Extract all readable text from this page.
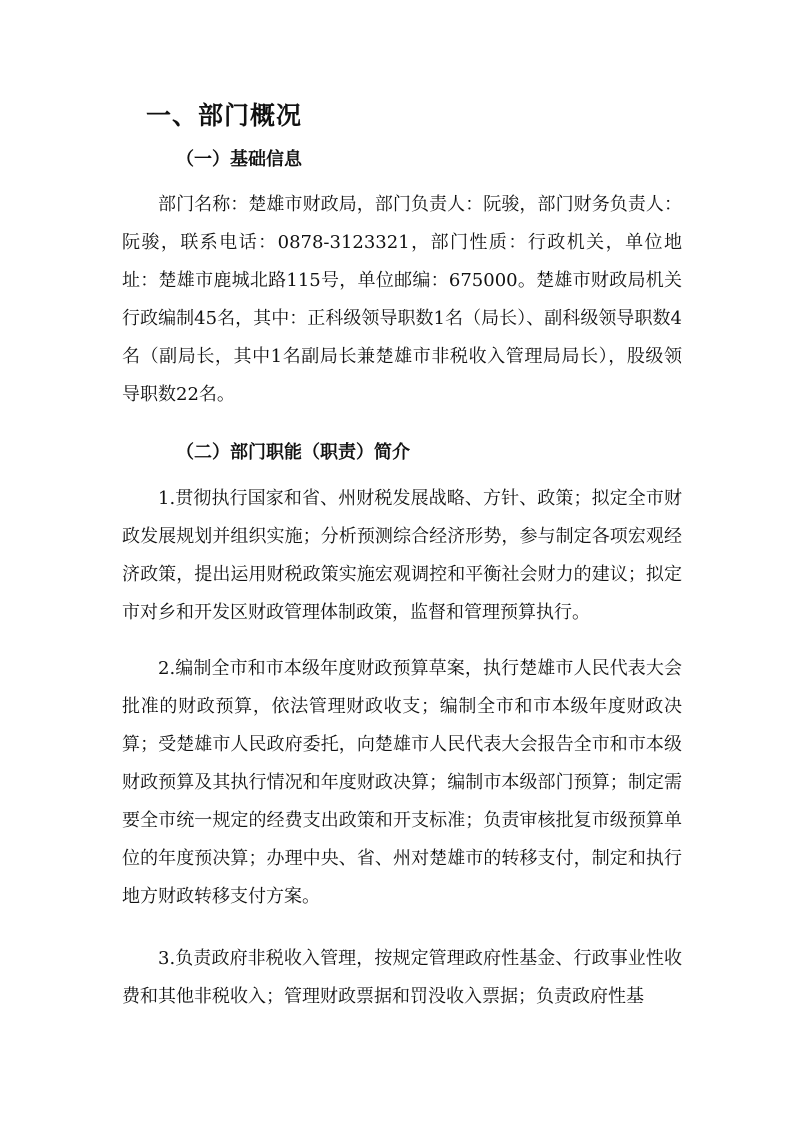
一、部门概况
（一）基础信息
部门名称：楚雄市财政局，部门负责人：阮骏，部门财务负责人：阮骏，联系电话：0878-3123321，部门性质：行政机关，单位地址：楚雄市鹿城北路115号，单位邮编：675000。楚雄市财政局机关行政编制45名，其中：正科级领导职数1名（局长）、副科级领导职数4名（副局长，其中1名副局长兼楚雄市非税收入管理局局长），股级领导职数22名。
（二）部门职能（职责）简介
1.贯彻执行国家和省、州财税发展战略、方针、政策；拟定全市财政发展规划并组织实施；分析预测综合经济形势，参与制定各项宏观经济政策，提出运用财税政策实施宏观调控和平衡社会财力的建议；拟定市对乡和开发区财政管理体制政策，监督和管理预算执行。
2.编制全市和市本级年度财政预算草案，执行楚雄市人民代表大会批准的财政预算，依法管理财政收支；编制全市和市本级年度财政决算；受楚雄市人民政府委托，向楚雄市人民代表大会报告全市和市本级财政预算及其执行情况和年度财政决算；编制市本级部门预算；制定需要全市统一规定的经费支出政策和开支标准；负责审核批复市级预算单位的年度预决算；办理中央、省、州对楚雄市的转移支付，制定和执行地方财政转移支付方案。
3.负责政府非税收入管理，按规定管理政府性基金、行政事业性收费和其他非税收入；管理财政票据和罚没收入票据；负责政府性基
